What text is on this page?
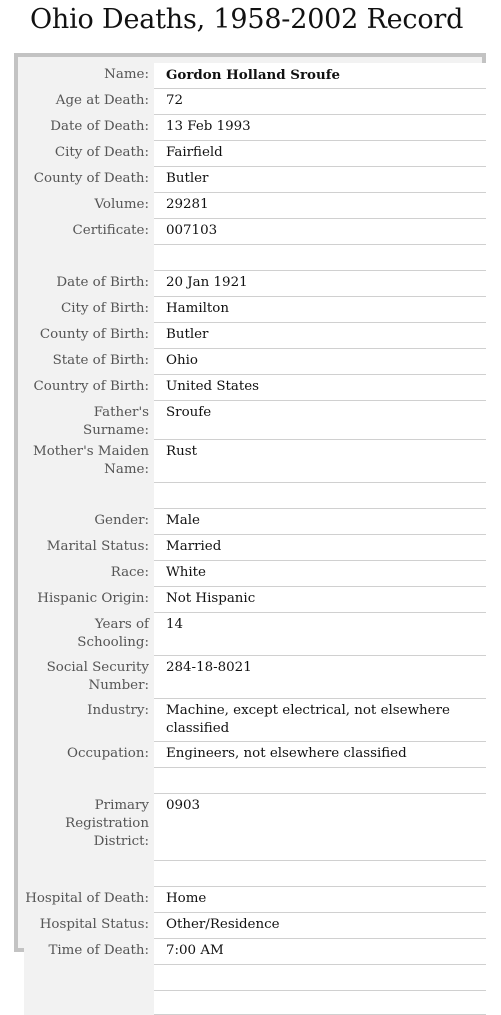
Ohio Deaths, 1958-2002 Record
Name:	Gordon Holland Sroufe
Age at Death:	72
Date of Death:	13 Feb 1993
City of Death:	Fairfield
County of Death:	Butler
Volume:	29281
Certificate:	007103

Date of Birth:	20 Jan 1921
City of Birth:	Hamilton
County of Birth:	Butler
State of Birth:	Ohio
Country of Birth:	United States
Father's Surname:	Sroufe
Mother's Maiden Name:	Rust

Gender:	Male
Marital Status:	Married
Race:	White
Hispanic Origin:	Not Hispanic
Years of Schooling:	14
Social Security Number:	284-18-8021
Industry:	Machine, except electrical, not elsewhere classified
Occupation:	Engineers, not elsewhere classified

Primary Registration District:	0903

Hospital of Death:	Home
Hospital Status:	Other/Residence
Time of Death:	7:00 AM
